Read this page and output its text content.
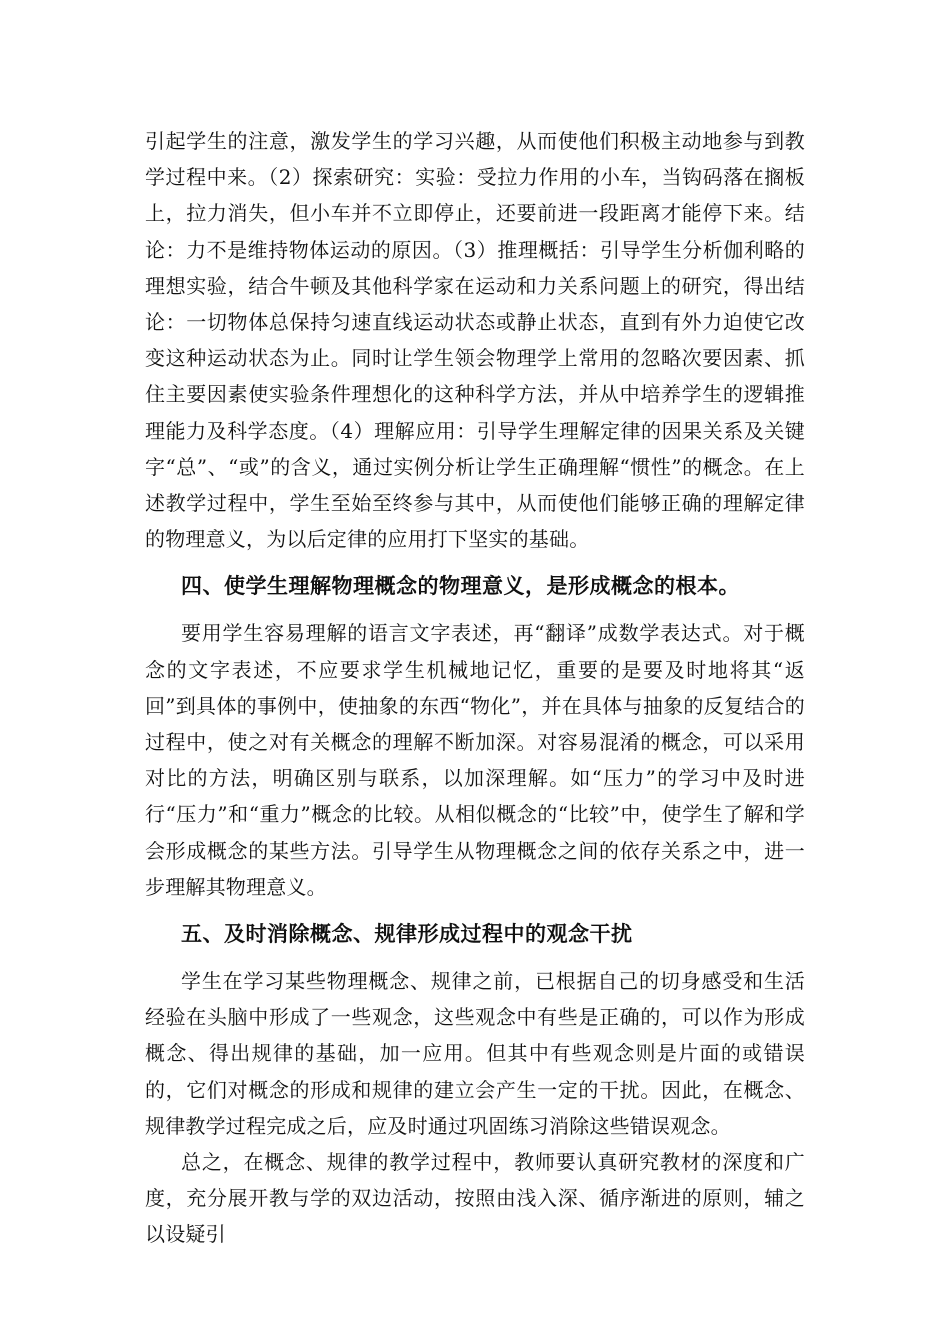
引起学生的注意，激发学生的学习兴趣，从而使他们积极主动地参与到教学过程中来。（2）探索研究：实验：受拉力作用的小车，当钩码落在搁板上，拉力消失，但小车并不立即停止，还要前进一段距离才能停下来。结论：力不是维持物体运动的原因。（3）推理概括：引导学生分析伽利略的理想实验，结合牛顿及其他科学家在运动和力关系问题上的研究，得出结论：一切物体总保持匀速直线运动状态或静止状态，直到有外力迫使它改变这种运动状态为止。同时让学生领会物理学上常用的忽略次要因素、抓住主要因素使实验条件理想化的这种科学方法，并从中培养学生的逻辑推理能力及科学态度。（4）理解应用：引导学生理解定律的因果关系及关键字“总”、“或”的含义，通过实例分析让学生正确理解“惯性”的概念。在上述教学过程中，学生至始至终参与其中，从而使他们能够正确的理解定律的物理意义，为以后定律的应用打下坚实的基础。

四、使学生理解物理概念的物理意义，是形成概念的根本。

要用学生容易理解的语言文字表述，再“翻译”成数学表达式。对于概念的文字表述，不应要求学生机械地记忆，重要的是要及时地将其“返回”到具体的事例中，使抽象的东西“物化”，并在具体与抽象的反复结合的过程中，使之对有关概念的理解不断加深。对容易混淆的概念，可以采用对比的方法，明确区别与联系，以加深理解。如“压力”的学习中及时进行“压力”和“重力”概念的比较。从相似概念的“比较”中，使学生了解和学会形成概念的某些方法。引导学生从物理概念之间的依存关系之中，进一步理解其物理意义。

五、及时消除概念、规律形成过程中的观念干扰

学生在学习某些物理概念、规律之前，已根据自己的切身感受和生活经验在头脑中形成了一些观念，这些观念中有些是正确的，可以作为形成概念、得出规律的基础，加一应用。但其中有些观念则是片面的或错误的，它们对概念的形成和规律的建立会产生一定的干扰。因此，在概念、规律教学过程完成之后，应及时通过巩固练习消除这些错误观念。

总之，在概念、规律的教学过程中，教师要认真研究教材的深度和广度，充分展开教与学的双边活动，按照由浅入深、循序渐进的原则，辅之以设疑引
